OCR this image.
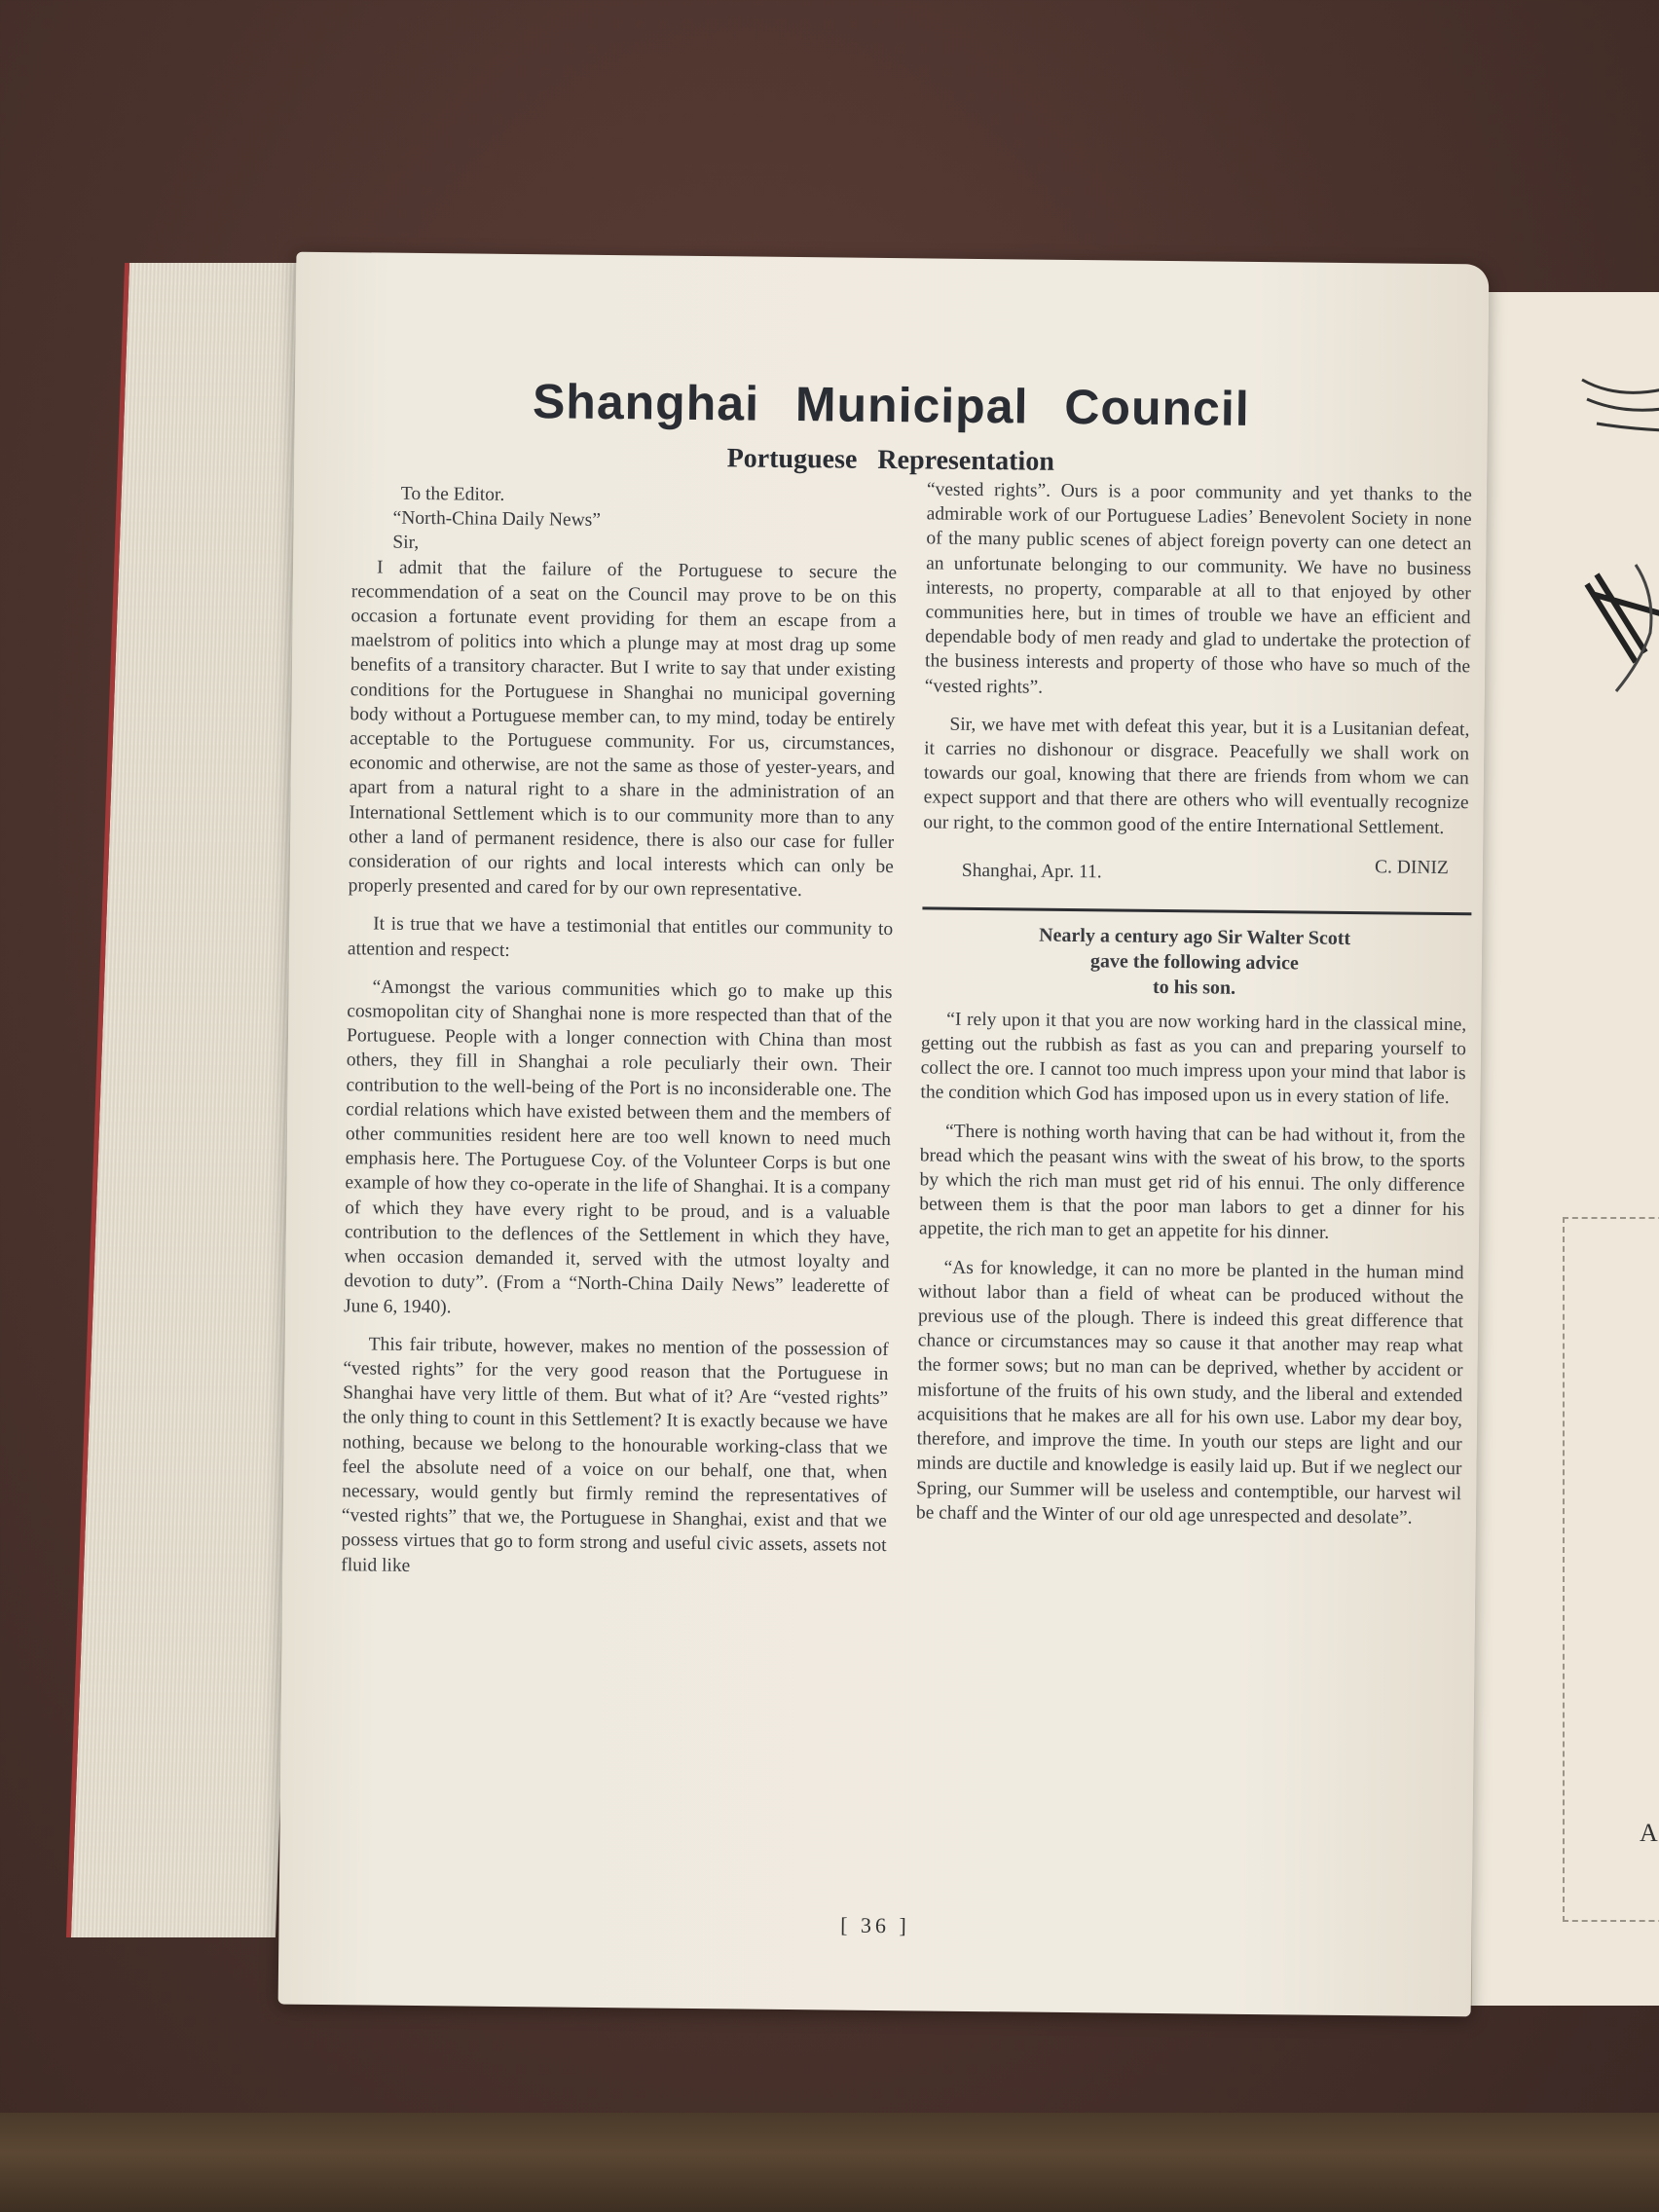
A
Shanghai Municipal Council
Portuguese Representation
To the Editor.
“North-China Daily News”
Sir,

I admit that the failure of the Portuguese to secure the recommendation of a seat on the Council may prove to be on this occasion a fortunate event providing for them an escape from a maelstrom of politics into which a plunge may at most drag up some benefits of a transitory character. But I write to say that under existing conditions for the Portuguese in Shanghai no municipal governing body without a Portuguese member can, to my mind, today be entirely acceptable to the Portuguese community. For us, circumstances, economic and otherwise, are not the same as those of yester-years, and apart from a natural right to a share in the administration of an International Settlement which is to our community more than to any other a land of permanent residence, there is also our case for fuller consideration of our rights and local interests which can only be properly presented and cared for by our own representative.

It is true that we have a testimonial that entitles our community to attention and respect:

“Amongst the various communities which go to make up this cosmopolitan city of Shanghai none is more respected than that of the Portuguese. People with a longer connection with China than most others, they fill in Shanghai a role peculiarly their own. Their contribution to the well-being of the Port is no inconsiderable one. The cordial relations which have existed between them and the members of other communities resident here are too well known to need much emphasis here. The Portuguese Coy. of the Volunteer Corps is but one example of how they co-operate in the life of Shanghai. It is a company of which they have every right to be proud, and is a valuable contribution to the deflences of the Settlement in which they have, when occasion demanded it, served with the utmost loyalty and devotion to duty”. (From a “North-China Daily News” leaderette of June 6, 1940).

This fair tribute, however, makes no mention of the possession of “vested rights” for the very good reason that the Portuguese in Shanghai have very little of them. But what of it? Are “vested rights” the only thing to count in this Settlement? It is exactly because we have nothing, because we belong to the honourable working-class that we feel the absolute need of a voice on our behalf, one that, when necessary, would gently but firmly remind the representatives of “vested rights” that we, the Portuguese in Shanghai, exist and that we possess virtues that go to form strong and useful civic assets, assets not fluid like

“vested rights”. Ours is a poor community and yet thanks to the admirable work of our Portuguese Ladies’ Benevolent Society in none of the many public scenes of abject foreign poverty can one detect an an unfortunate belonging to our community. We have no business interests, no property, comparable at all to that enjoyed by other communities here, but in times of trouble we have an efficient and dependable body of men ready and glad to undertake the protection of the business interests and property of those who have so much of the “vested rights”.

Sir, we have met with defeat this year, but it is a Lusitanian defeat, it carries no dishonour or disgrace. Peacefully we shall work on towards our goal, knowing that there are friends from whom we can expect support and that there are others who will eventually recognize our right, to the common good of the entire International Settlement.

Shanghai, Apr. 11.	C. DINIZ
Nearly a century ago Sir Walter Scott
gave the following advice
to his son.

“I rely upon it that you are now working hard in the classical mine, getting out the rubbish as fast as you can and preparing yourself to collect the ore. I cannot too much impress upon your mind that labor is the condition which God has imposed upon us in every station of life.

“There is nothing worth having that can be had without it, from the bread which the peasant wins with the sweat of his brow, to the sports by which the rich man must get rid of his ennui. The only difference between them is that the poor man labors to get a dinner for his appetite, the rich man to get an appetite for his dinner.

“As for knowledge, it can no more be planted in the human mind without labor than a field of wheat can be produced without the previous use of the plough. There is indeed this great difference that chance or circumstances may so cause it that another may reap what the former sows; but no man can be deprived, whether by accident or misfortune of the fruits of his own study, and the liberal and extended acquisitions that he makes are all for his own use. Labor my dear boy, therefore, and improve the time. In youth our steps are light and our minds are ductile and knowledge is easily laid up. But if we neglect our Spring, our Summer will be useless and contemptible, our harvest wil be chaff and the Winter of our old age unrespected and desolate”.

[ 36 ]
